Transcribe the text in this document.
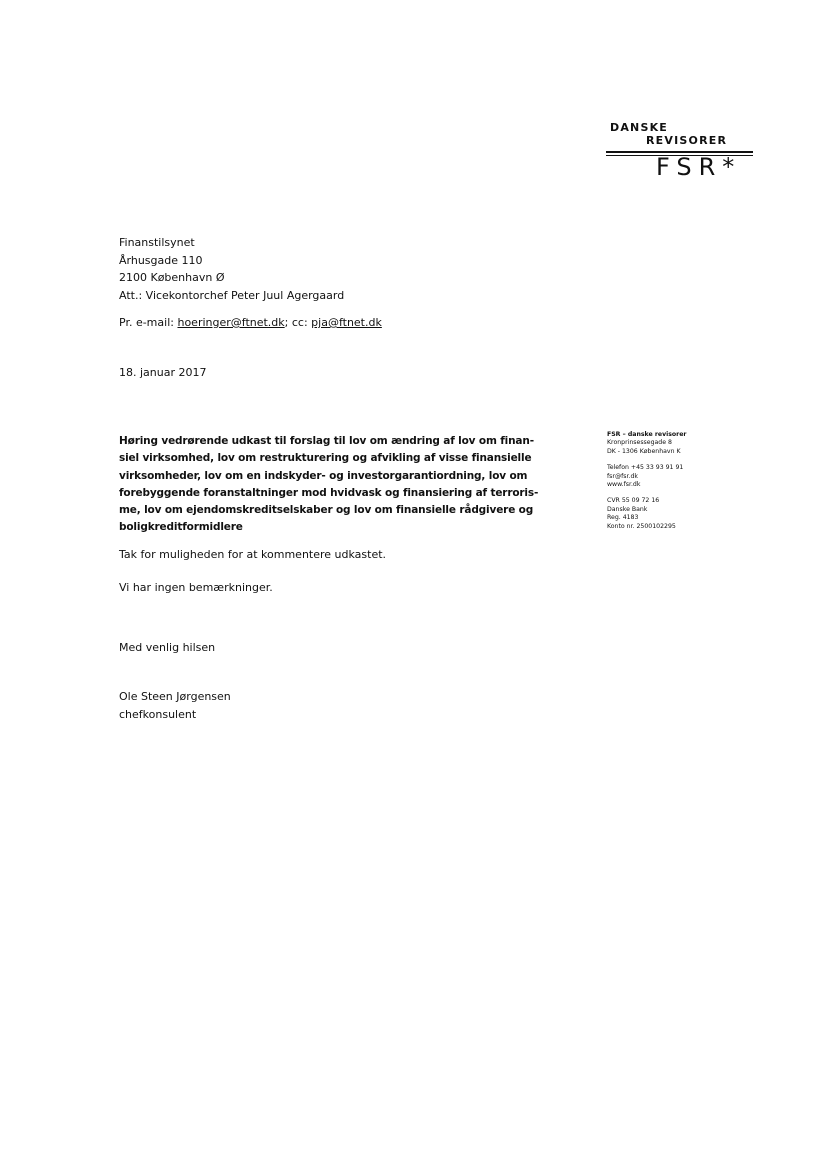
DANSKE
REVISORER
FSR*
Finanstilsynet
Århusgade 110
2100 København Ø
Att.: Vicekontorchef Peter Juul Agergaard
Pr. e-mail: hoeringer@ftnet.dk; cc: pja@ftnet.dk
18. januar 2017
Høring vedrørende udkast til forslag til lov om ændring af lov om finan-
siel virksomhed, lov om restrukturering og afvikling af visse finansielle
virksomheder, lov om en indskyder- og investorgarantiordning, lov om
forebyggende foranstaltninger mod hvidvask og finansiering af terroris-
me, lov om ejendomskreditselskaber og lov om finansielle rådgivere og
boligkreditformidlere
FSR – danske revisorer
Kronprinsessegade 8
DK - 1306 København K
Telefon +45 33 93 91 91
fsr@fsr.dk
www.fsr.dk
CVR 55 09 72 16
Danske Bank
Reg. 4183
Konto nr. 2500102295
Tak for muligheden for at kommentere udkastet.
Vi har ingen bemærkninger.
Med venlig hilsen
Ole Steen Jørgensen
chefkonsulent
